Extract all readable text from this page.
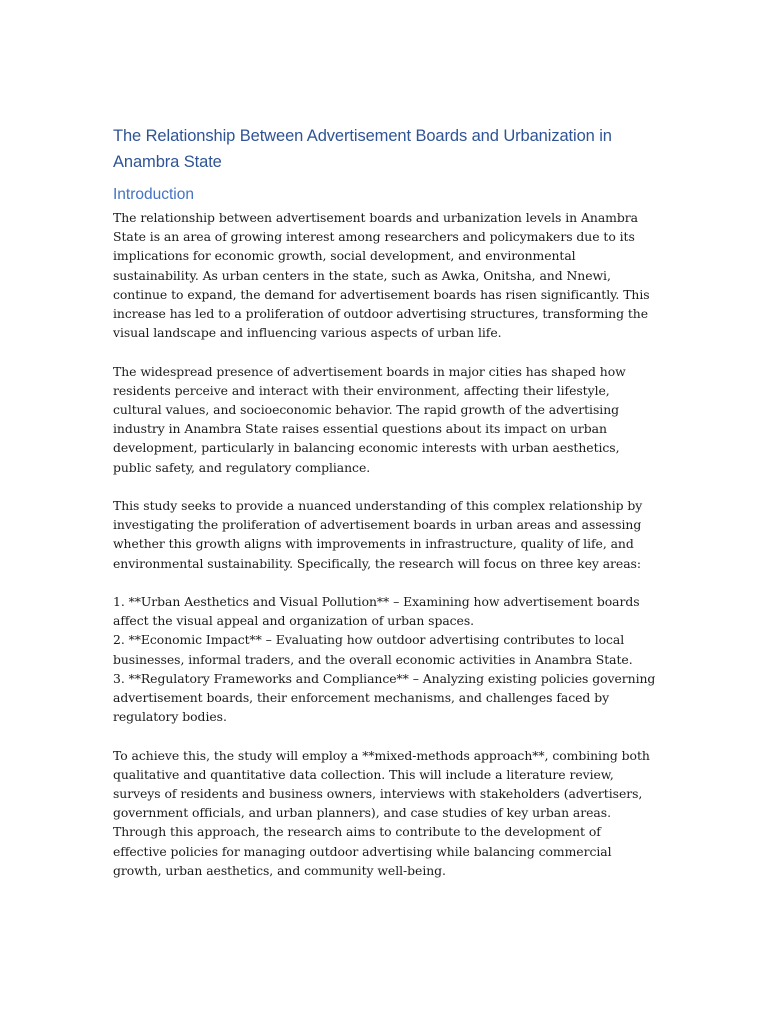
The Relationship Between Advertisement Boards and Urbanization in Anambra State
Introduction

The relationship between advertisement boards and urbanization levels in Anambra State is an area of growing interest among researchers and policymakers due to its implications for economic growth, social development, and environmental sustainability. As urban centers in the state, such as Awka, Onitsha, and Nnewi, continue to expand, the demand for advertisement boards has risen significantly. This increase has led to a proliferation of outdoor advertising structures, transforming the visual landscape and influencing various aspects of urban life.

The widespread presence of advertisement boards in major cities has shaped how residents perceive and interact with their environment, affecting their lifestyle, cultural values, and socioeconomic behavior. The rapid growth of the advertising industry in Anambra State raises essential questions about its impact on urban development, particularly in balancing economic interests with urban aesthetics, public safety, and regulatory compliance.

This study seeks to provide a nuanced understanding of this complex relationship by investigating the proliferation of advertisement boards in urban areas and assessing whether this growth aligns with improvements in infrastructure, quality of life, and environmental sustainability. Specifically, the research will focus on three key areas:

1. **Urban Aesthetics and Visual Pollution** – Examining how advertisement boards affect the visual appeal and organization of urban spaces.
2. **Economic Impact** – Evaluating how outdoor advertising contributes to local businesses, informal traders, and the overall economic activities in Anambra State.
3. **Regulatory Frameworks and Compliance** – Analyzing existing policies governing advertisement boards, their enforcement mechanisms, and challenges faced by regulatory bodies.

To achieve this, the study will employ a **mixed-methods approach**, combining both qualitative and quantitative data collection. This will include a literature review, surveys of residents and business owners, interviews with stakeholders (advertisers, government officials, and urban planners), and case studies of key urban areas. Through this approach, the research aims to contribute to the development of effective policies for managing outdoor advertising while balancing commercial growth, urban aesthetics, and community well-being.
